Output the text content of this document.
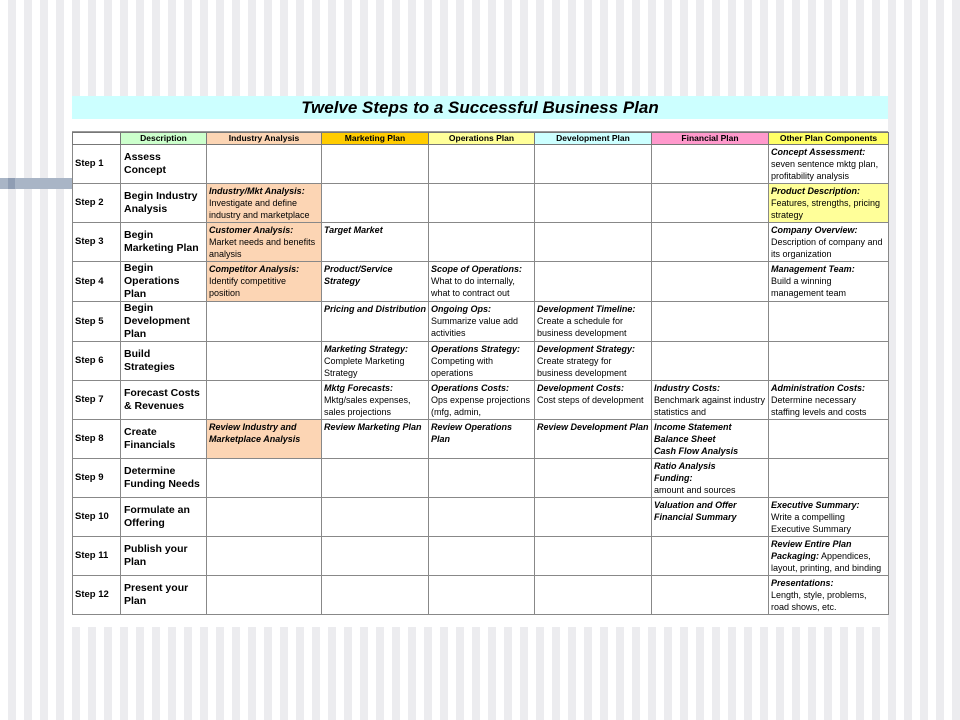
Twelve Steps to a Successful Business Plan
	Description	Industry Analysis	Marketing Plan	Operations Plan	Development Plan	Financial Plan	Other Plan Components
Step 1	Assess Concept						Concept Assessment:
seven sentence mktg plan, profitability analysis

Step 2	Begin Industry Analysis	Industry/Mkt Analysis:
Investigate and define industry and marketplace					Product Description:
Features, strengths, pricing strategy

Step 3	Begin Marketing Plan	Customer Analysis:
Market needs and benefits analysis	Target Market				Company Overview:
Description of company and its organization

Step 4	Begin Operations Plan	Competitor Analysis:
Identify competitive position	Product/Service Strategy	Scope of Operations:
What to do internally, what to contract out			Management Team:
Build a winning management team

Step 5	Begin Development Plan		Pricing and Distribution	Ongoing Ops:
Summarize value add activities	Development Timeline:
Create a schedule for business development		

Step 6	Build Strategies		Marketing Strategy:
Complete Marketing Strategy	Operations Strategy:
Competing with operations	Development Strategy:
Create strategy for business development		

Step 7	Forecast Costs & Revenues		Mktg Forecasts:
Mktg/sales expenses, sales projections	Operations Costs:
Ops expense projections (mfg, admin,	Development Costs:
Cost steps of development	Industry Costs:
Benchmark against industry statistics and	Administration Costs:
Determine necessary staffing levels and costs

Step 8	Create Financials	Review Industry and Marketplace Analysis	Review Marketing Plan	Review Operations Plan	Review Development Plan	Income Statement
Balance Sheet
Cash Flow Analysis	

Step 9	Determine Funding Needs					Ratio Analysis
Funding:
amount and sources	

Step 10	Formulate an Offering					Valuation and Offer Financial Summary	Executive Summary:
Write a compelling Executive Summary

Step 11	Publish your Plan						Review Entire Plan
Packaging: Appendices, layout, printing, and binding

Step 12	Present your Plan						Presentations:
Length, style, problems, road shows, etc.
